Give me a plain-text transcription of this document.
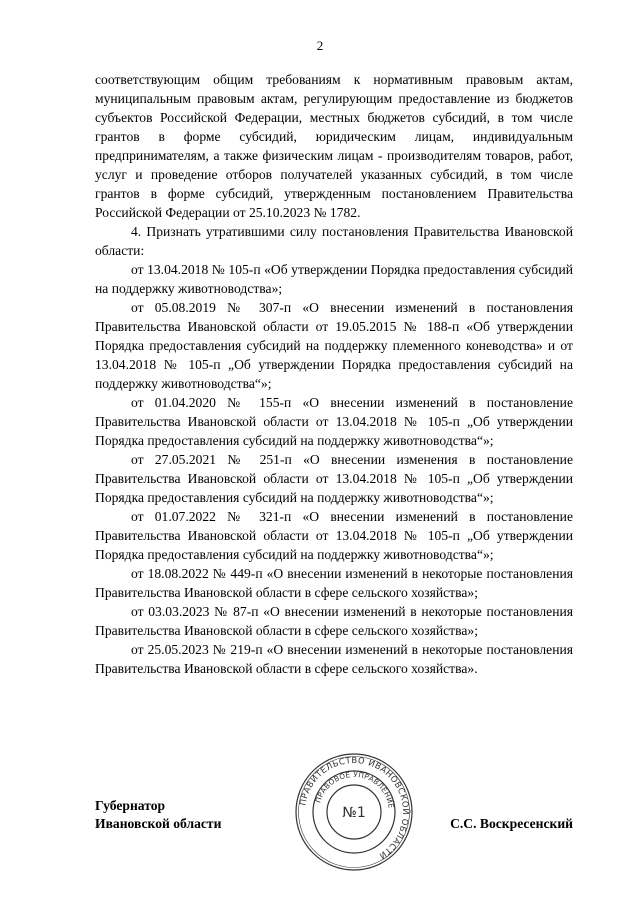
2

соответствующим общим требованиям к нормативным правовым актам, муниципальным правовым актам, регулирующим предоставление из бюджетов субъектов Российской Федерации, местных бюджетов субсидий, в том числе грантов в форме субсидий, юридическим лицам, индивидуальным предпринимателям, а также физическим лицам - производителям товаров, работ, услуг и проведение отборов получателей указанных субсидий, в том числе грантов в форме субсидий, утвержденным постановлением Правительства Российской Федерации от 25.10.2023 № 1782.

4. Признать утратившими силу постановления Правительства Ивановской области:

от 13.04.2018 № 105-п «Об утверждении Порядка предоставления субсидий на поддержку животноводства»;

от 05.08.2019 № 307-п «О внесении изменений в постановления Правительства Ивановской области от 19.05.2015 № 188-п «Об утверждении Порядка предоставления субсидий на поддержку племенного коневодства» и от 13.04.2018 № 105-п „Об утверждении Порядка предоставления субсидий на поддержку животноводства“»;

от 01.04.2020 № 155-п «О внесении изменений в постановление Правительства Ивановской области от 13.04.2018 № 105-п „Об утверждении Порядка предоставления субсидий на поддержку животноводства“»;

от 27.05.2021 № 251-п «О внесении изменения в постановление Правительства Ивановской области от 13.04.2018 № 105-п „Об утверждении Порядка предоставления субсидий на поддержку животноводства“»;

от 01.07.2022 № 321-п «О внесении изменений в постановление Правительства Ивановской области от 13.04.2018 № 105-п „Об утверждении Порядка предоставления субсидий на поддержку животноводства“»;

от 18.08.2022 № 449-п «О внесении изменений в некоторые постановления Правительства Ивановской области в сфере сельского хозяйства»;

от 03.03.2023 № 87-п «О внесении изменений в некоторые постановления Правительства Ивановской области в сфере сельского хозяйства»;

от 25.05.2023 № 219-п «О внесении изменений в некоторые постановления Правительства Ивановской области в сфере сельского хозяйства».

Губернатор
Ивановской области	С.С. Воскресенский
ПРАВИТЕЛЬСТВО ИВАНОВСКОЙ ОБЛАСТИ
ПРАВОВОЕ УПРАВЛЕНИЕ
№1
